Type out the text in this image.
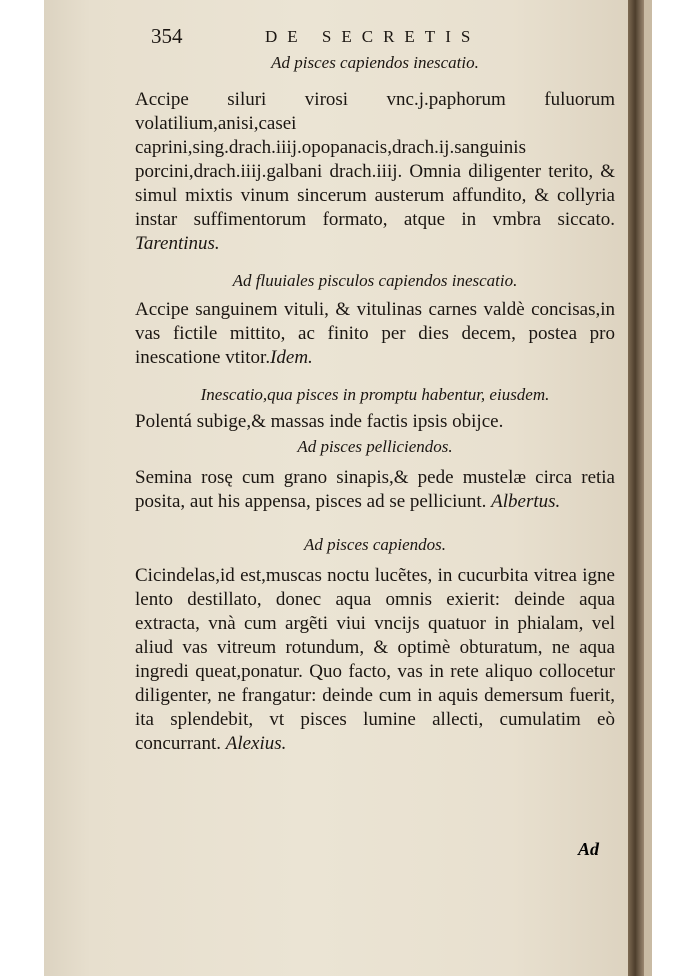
354	DE SECRETIS

Ad pisces capiendos inescatio.

Accipe siluri virosi vnc.j.paphorum fuluorum volatilium,anisi,casei caprini,sing.drach.iiij.opopanacis,drach.ij.sanguinis porcini,drach.iiij.galbani drach.iiij. Omnia diligenter terito, & simul mixtis vinum sincerum austerum affundito, & collyria instar suffimentorum formato, atque in vmbra siccato. Tarentinus.

Ad fluuiales pisculos capiendos inescatio.

Accipe sanguinem vituli, & vitulinas carnes valdè concisas,in vas fictile mittito, ac finito per dies decem, postea pro inescatione vtitor.Idem.

Inescatio,qua pisces in promptu habentur, eiusdem.

Polentá subige,& massas inde factis ipsis obijce.

Ad pisces pelliciendos.

Semina rosę cum grano sinapis,& pede mustelæ circa retia posita, aut his appensa, pisces ad se pelliciunt. Albertus.

Ad pisces capiendos.

Cicindelas,id est,muscas noctu lucẽtes, in cucurbita vitrea igne lento destillato, donec aqua omnis exierit: deinde aqua extracta, vnà cum argẽti viui vncijs quatuor in phialam, vel aliud vas vitreum rotundum, & optimè obturatum, ne aqua ingredi queat,ponatur. Quo facto, vas in rete aliquo collocetur diligenter, ne frangatur: deinde cum in aquis demersum fuerit, ita splendebit, vt pisces lumine allecti, cumulatim eò concurrant. Alexius.

Ad
